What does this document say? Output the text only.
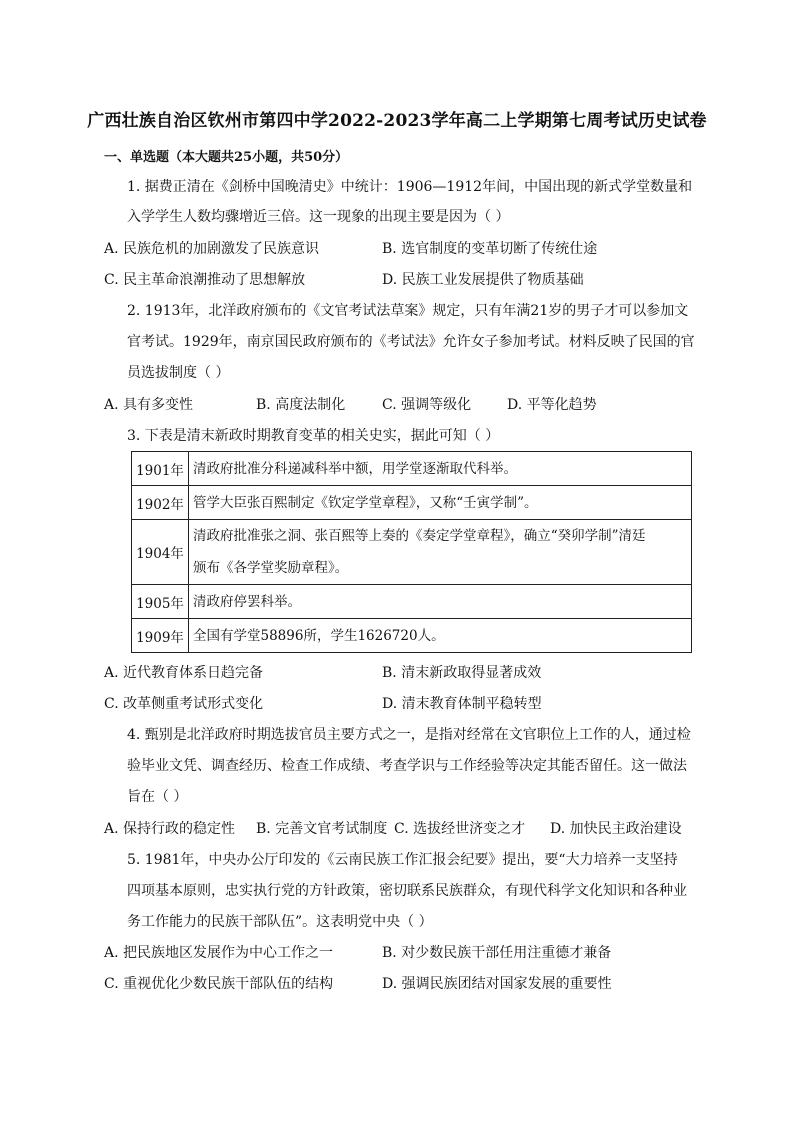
广西壮族自治区钦州市第四中学2022-2023学年高二上学期第七周考试历史试卷
一、单选题（本大题共25小题，共50分）
1. 据费正清在《剑桥中国晚清史》中统计：1906—1912年间，中国出现的新式学堂数量和
入学学生人数均骤增近三倍。这一现象的出现主要是因为（ ）
A. 民族危机的加剧激发了民族意识	B. 选官制度的变革切断了传统仕途
C. 民主革命浪潮推动了思想解放	D. 民族工业发展提供了物质基础
2. 1913年，北洋政府颁布的《文官考试法草案》规定，只有年满21岁的男子才可以参加文
官考试。1929年，南京国民政府颁布的《考试法》允许女子参加考试。材料反映了民国的官
员选拔制度（ ）
A. 具有多变性	B. 高度法制化	C. 强调等级化	D. 平等化趋势
3. 下表是清末新政时期教育变革的相关史实，据此可知（ ）
1901年	清政府批准分科递减科举中额，用学堂逐渐取代科举。

1902年	管学大臣张百熙制定《钦定学堂章程》，又称“壬寅学制”。

1904年	清政府批准张之洞、张百熙等上奏的《奏定学堂章程》，确立“癸卯学制”清廷
颁布《各学堂奖励章程》。

1905年	清政府停罢科举。

1909年	全国有学堂58896所，学生1626720人。
A. 近代教育体系日趋完备	B. 清末新政取得显著成效
C. 改革侧重考试形式变化	D. 清末教育体制平稳转型
4. 甄别是北洋政府时期选拔官员主要方式之一，是指对经常在文官职位上工作的人，通过检
验毕业文凭、调查经历、检查工作成绩、考查学识与工作经验等决定其能否留任。这一做法
旨在（ ）
A. 保持行政的稳定性 B. 完善文官考试制度 C. 选拔经世济变之才 D. 加快民主政治建设
5. 1981年，中央办公厅印发的《云南民族工作汇报会纪要》提出，要“大力培养一支坚持
四项基本原则，忠实执行党的方针政策，密切联系民族群众，有现代科学文化知识和各种业
务工作能力的民族干部队伍”。这表明党中央（ ）
A. 把民族地区发展作为中心工作之一	B. 对少数民族干部任用注重德才兼备
C. 重视优化少数民族干部队伍的结构	D. 强调民族团结对国家发展的重要性
